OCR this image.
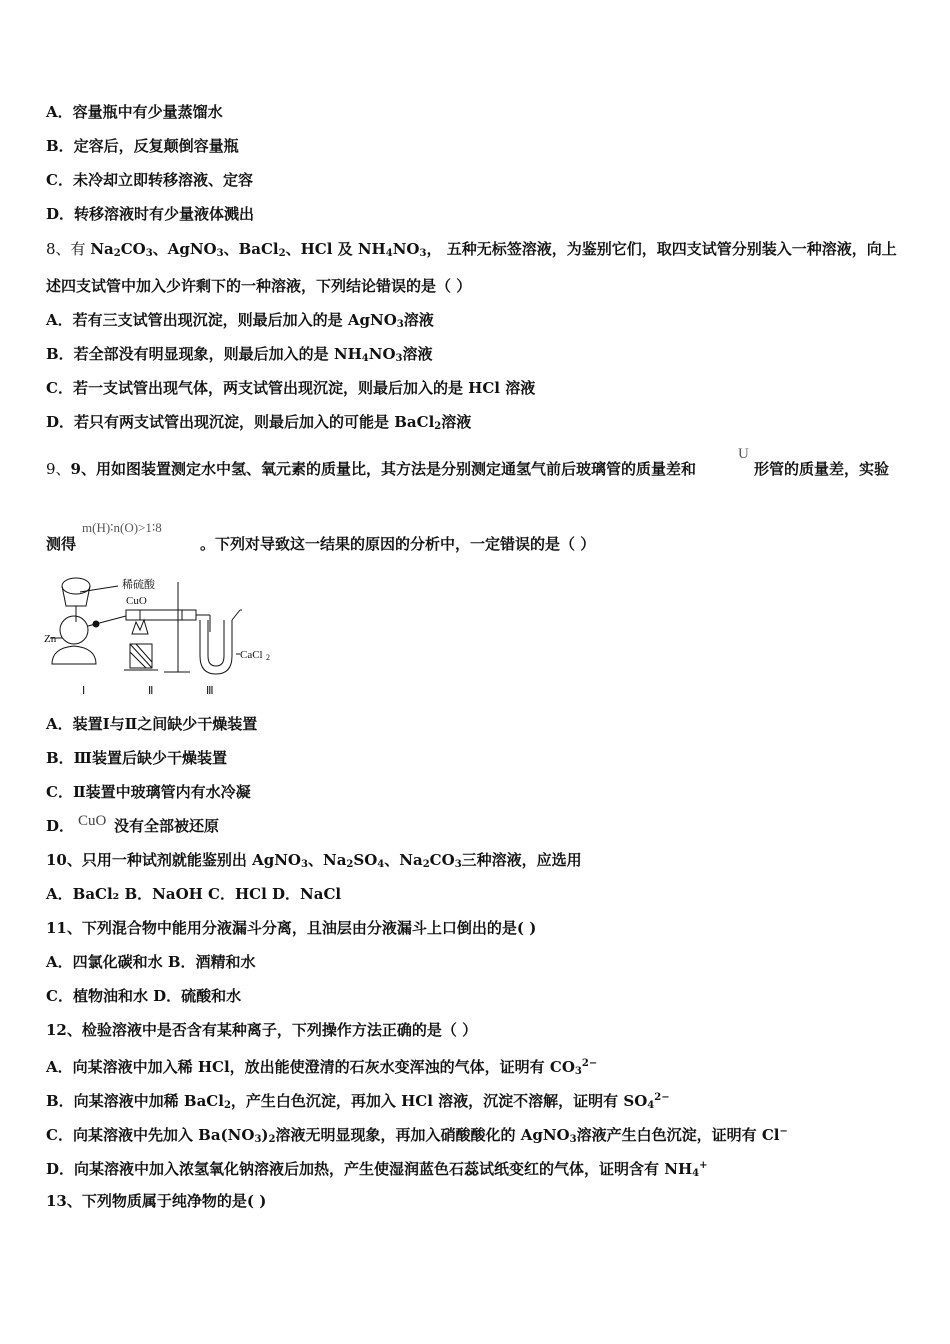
A．容量瓶中有少量蒸馏水
B．定容后，反复颠倒容量瓶
C．未冷却立即转移溶液、定容
D．转移溶液时有少量液体溅出
8、有 $Na_2CO_3$、AgNO$_3$、BaCl$_2$、HCl 及 $NH_4NO_3$， 五种无标签溶液，为鉴别它们，取四支试管分别装入一种溶液，向上
述四支试管中加入少许剩下的一种溶液，下列结论错误的是（ ）
A．若有三支试管出现沉淀，则最后加入的是 AgNO$_3$溶液
B．若全部没有明显现象，则最后加入的是 $NH_4NO_3$溶液
C．若一支试管出现气体，两支试管出现沉淀，则最后加入的是 HCl 溶液
D．若只有两支试管出现沉淀，则最后加入的可能是 BaCl$_2$溶液
9、9、用如图装置测定水中氢、氧元素的质量比，其方法是分别测定通氢气前后玻璃管的质量差和
U
形管的质量差，实验
测得
m(H)∶n(O)>1∶8
。下列对导致这一结果的原因的分析中，一定错误的是（ ）
稀硫酸
CuO
Zn
CaCl 2
Ⅰ	Ⅱ	Ⅲ
A．装置Ⅰ与Ⅱ之间缺少干燥装置
B．Ⅲ装置后缺少干燥装置
C．Ⅱ装置中玻璃管内有水冷凝
D． CuO 没有全部被还原
10、只用一种试剂就能鉴别出 AgNO$_3$、$Na_2SO_4$、$Na_2CO_3$三种溶液，应选用
A．BaCl₂ B．NaOH C．HCl D．NaCl
11、下列混合物中能用分液漏斗分离，且油层由分液漏斗上口倒出的是( )
A．四氯化碳和水 B．酒精和水
C．植物油和水 D．硫酸和水
12、检验溶液中是否含有某种离子，下列操作方法正确的是（ ）
A．向某溶液中加入稀 HCl，放出能使澄清的石灰水变浑浊的气体，证明有 $CO_3^{2-}$
B．向某溶液中加稀 BaCl$_2$，产生白色沉淀，再加入 HCl 溶液，沉淀不溶解，证明有 $SO_4^{2-}$
C．向某溶液中先加入 $Ba(NO_3)_2$溶液无明显现象，再加入硝酸酸化的 AgNO$_3$溶液产生白色沉淀，证明有 Cl−
D．向某溶液中加入浓氢氧化钠溶液后加热，产生使湿润蓝色石蕊试纸变红的气体，证明含有 $NH_4^+$
13、下列物质属于纯净物的是( )
